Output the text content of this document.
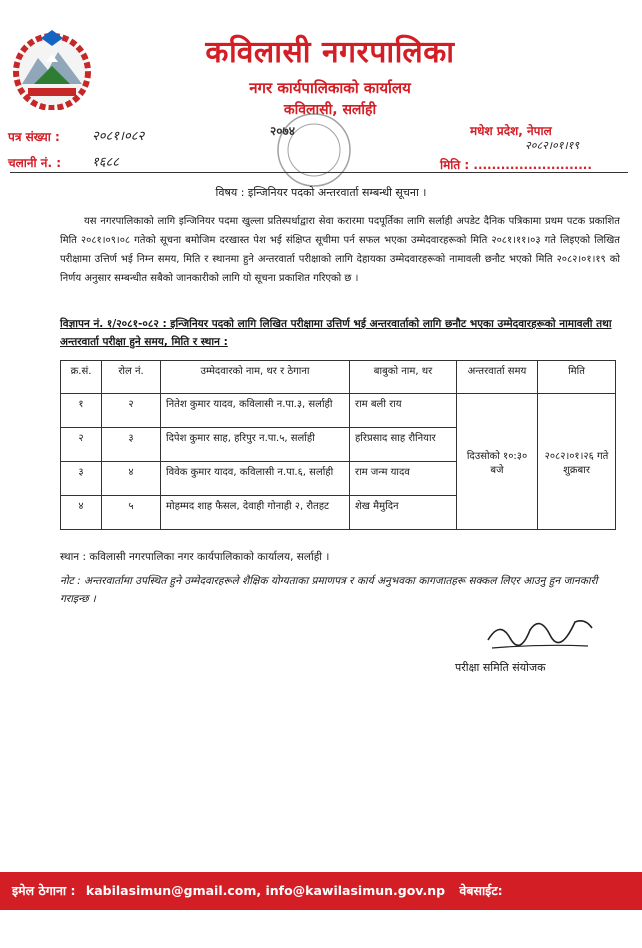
कविलासी नगरपालिका
नगर कार्यपालिकाको कार्यालय
कविलासी, सर्लाही
२०७४
पत्र संख्या : २०८१।०८२
चलानी नं. : १६८८
मधेश प्रदेश, नेपाल
२०८२।०१।१९
मिति : ..........................
विषय : इन्जिनियर पदको अन्तरवार्ता सम्बन्धी सूचना ।
यस नगरपालिकाको लागि इन्जिनियर पदमा खुल्ला प्रतिस्पर्धाद्वारा सेवा करारमा पदपूर्तिका लागि सर्लाही अपडेट दैनिक पत्रिकामा प्रथम पटक प्रकाशित मिति २०८१।०९।०८ गतेको सूचना बमोजिम दरखास्त पेश भई संक्षिप्त सूचीमा पर्न सफल भएका उम्मेदवारहरूको मिति २०८१।११।०३ गते लिइए‍को लिखित परीक्षामा उत्तिर्ण भई निम्न समय, मिति र स्थानमा हुने अन्तरवार्ता परीक्षाको लागि देहायका उम्मेदवारहरूको नामावली छनौट भएको मिति २०८२।०१।१९ को निर्णय अनुसार सम्बन्धीत सबैको जानकारीको लागि यो सूचना प्रकाशित गरिएको छ ।
विज्ञापन नं. १/२०८१-०८२ : इन्जिनियर पदको लागि लिखित परीक्षामा उत्तिर्ण भई अन्तरवार्ताको लागि छनौट भएका उम्मेदवारहरूको नामावली तथा अन्तरवार्ता परीक्षा हुने समय, मिति र स्थान :
क्र.सं.	रोल नं.	उम्मेदवारको नाम, थर र ठेगाना	बाबुको नाम, थर	अन्तरवार्ता समय	मिति
१	२	नितेश कुमार यादव, कविलासी न.पा.३, सर्लाही	राम बली राय	दिउसोको १०:३० बजे	२०८२।०१।२६ गते शुक्रबार
२	३	दिपेश कुमार साह, हरिपुर न.पा.५, सर्लाही	हरिप्रसाद साह रौनियार		
३	४	विवेक कुमार यादव, कविलासी न.पा.६, सर्लाही	राम जन्म यादव		
४	५	मोहम्मद शाह फैसल, देवाही गोनाही २, रौतहट	शेख मैमुदिन		
स्थान : कविलासी नगरपालिका नगर कार्यपालिकाको कार्यालय, सर्लाही ।
नोट : अन्तरवार्तामा उपस्थित हुने उम्मेदवारहरूले शैक्षिक योग्यताका प्रमाणपत्र र कार्य अनुभवका कागजातहरू सक्कल लिएर आउनु हुन जानकारी गराइन्छ ।
परीक्षा समिति संयोजक
इमेल ठेगाना : kabilasimun@gmail.com, info@kawilasimun.gov.np वेबसाईट: www.kawilasimun.gov.np
